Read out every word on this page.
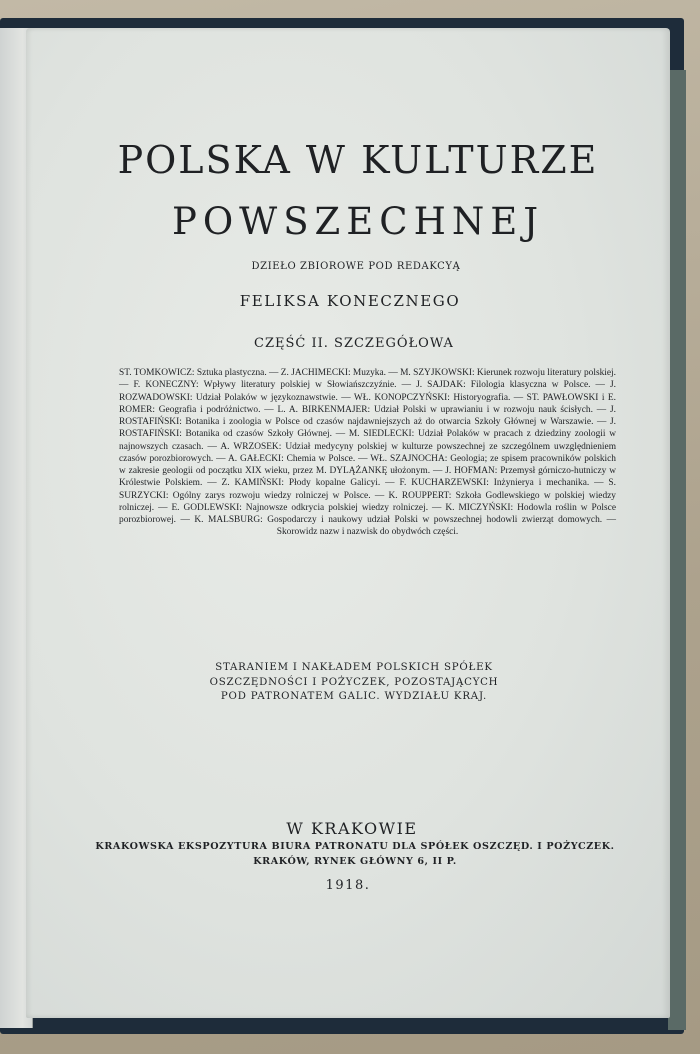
POLSKA W KULTURZE
POWSZECHNEJ
DZIEŁO ZBIOROWE POD REDAKCYĄ
FELIKSA KONECZNEGO
CZĘŚĆ II. SZCZEGÓŁOWA
ST. TOMKOWICZ: Sztuka plastyczna. — Z. JACHIMECKI: Muzyka. — M. SZYJKOWSKI: Kierunek rozwoju literatury polskiej. — F. KONECZNY: Wpływy literatury polskiej w Słowiańszczyźnie. — J. SAJDAK: Filologia klasyczna w Polsce. — J. ROZWADOWSKI: Udział Polaków w językoznawstwie. — WŁ. KONOPCZYŃSKI: Historyografia. — ST. PAWŁOWSKI i E. ROMER: Geografia i podróżnictwo. — L. A. BIRKENMAJER: Udział Polski w uprawianiu i w rozwoju nauk ścisłych. — J. ROSTAFIŃSKI: Botanika i zoologia w Polsce od czasów najdawniejszych aż do otwarcia Szkoły Głównej w Warszawie. — J. ROSTAFIŃSKI: Botanika od czasów Szkoły Głównej. — M. SIEDLECKI: Udział Polaków w pracach z dziedziny zoologii w najnowszych czasach. — A. WRZOSEK: Udział medycyny polskiej w kulturze powszechnej ze szczególnem uwzględnieniem czasów porozbiorowych. — A. GAŁECKI: Chemia w Polsce. — WŁ. SZAJNOCHA: Geologia; ze spisem pracowników polskich w zakresie geologii od początku XIX wieku, przez M. DYLĄŻANKĘ ułożonym. — J. HOFMAN: Przemysł górniczo-hutniczy w Królestwie Polskiem. — Z. KAMIŃSKI: Płody kopalne Galicyi. — F. KUCHARZEWSKI: Inżynierya i mechanika. — S. SURZYCKI: Ogólny zarys rozwoju wiedzy rolniczej w Polsce. — K. ROUPPERT: Szkoła Godlewskiego w polskiej wiedzy rolniczej. — E. GODLEWSKI: Najnowsze odkrycia polskiej wiedzy rolniczej. — K. MICZYŃSKI: Hodowla roślin w Polsce porozbiorowej. — K. MALSBURG: Gospodarczy i naukowy udział Polski w powszechnej hodowli zwierząt domowych. — Skorowidz nazw i nazwisk do obydwóch części.
STARANIEM I NAKŁADEM POLSKICH SPÓŁEK
OSZCZĘDNOŚCI I POŻYCZEK, POZOSTAJĄCYCH
POD PATRONATEM GALIC. WYDZIAŁU KRAJ.
W KRAKOWIE
KRAKOWSKA EKSPOZYTURA BIURA PATRONATU DLA SPÓŁEK OSZCZĘD. I POŻYCZEK.
KRAKÓW, RYNEK GŁÓWNY 6, II P.
1918.
